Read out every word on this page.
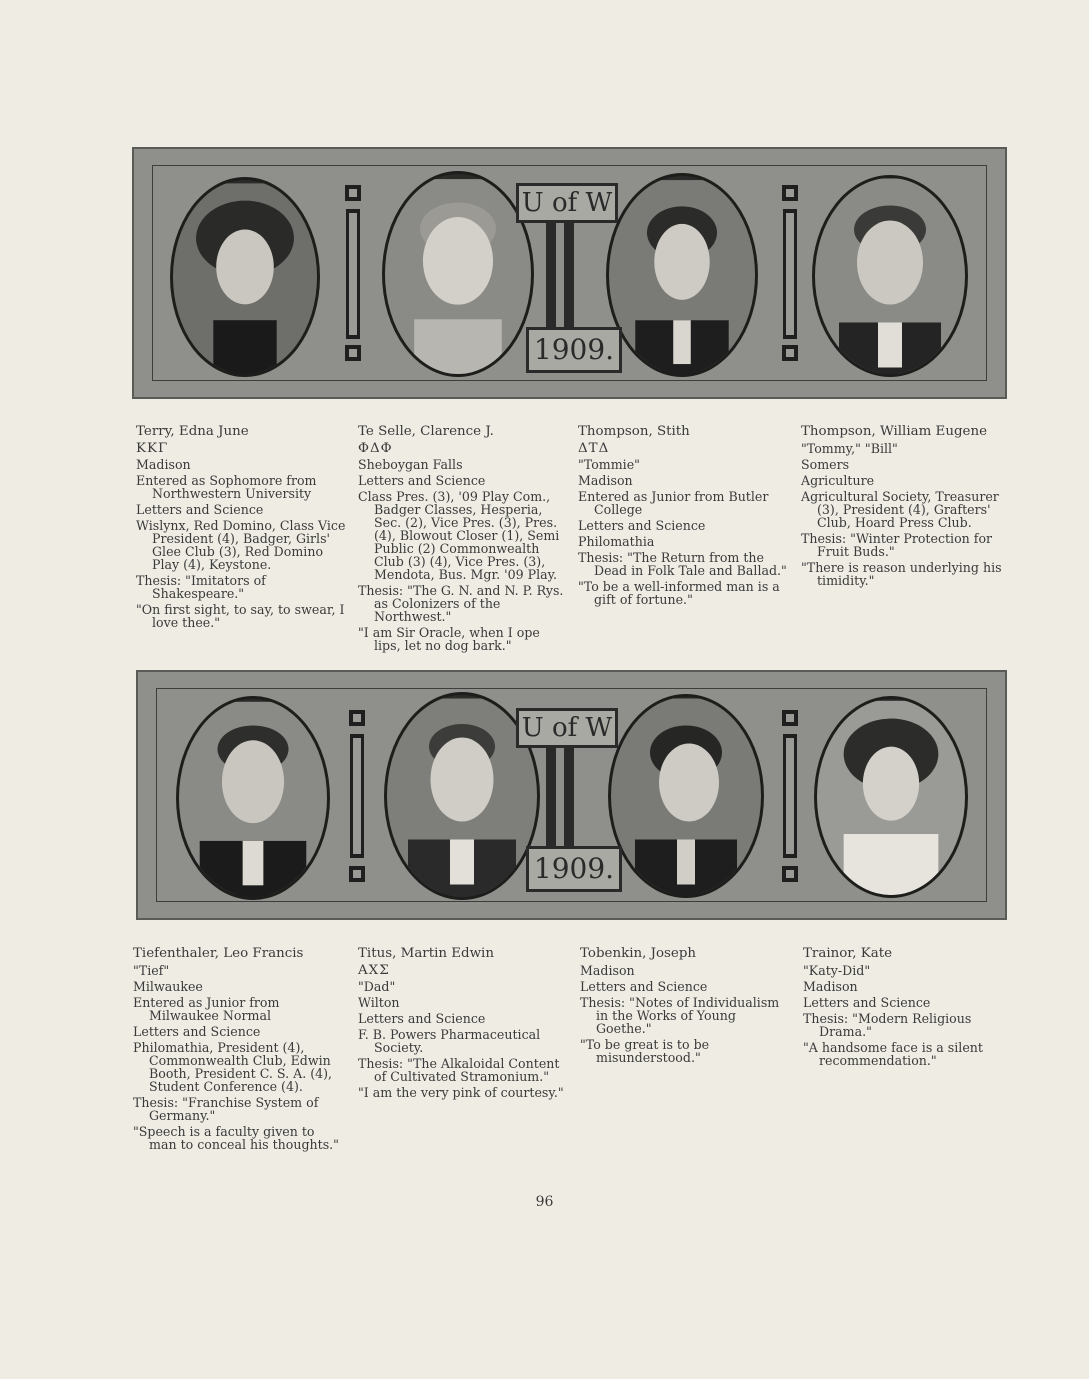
U of W
1909.

Terry, Edna June

ΚΚΓ

Madison

Entered as Sophomore from Northwestern University

Letters and Science

Wislynx, Red Domino, Class Vice President (4), Badger, Girls' Glee Club (3), Red Domino Play (4), Keystone.

Thesis: "Imitators of Shakespeare."

"On first sight, to say, to swear, I love thee."

Te Selle, Clarence J.

ΦΔΦ

Sheboygan Falls

Letters and Science

Class Pres. (3), '09 Play Com., Badger Classes, Hesperia, Sec. (2), Vice Pres. (3), Pres. (4), Blowout Closer (1), Semi Public (2) Commonwealth Club (3) (4), Vice Pres. (3), Mendota, Bus. Mgr. '09 Play.

Thesis: "The G. N. and N. P. Rys. as Colonizers of the Northwest."

"I am Sir Oracle, when I ope lips, let no dog bark."

Thompson, Stith

ΔΤΔ

"Tommie"

Madison

Entered as Junior from Butler College

Letters and Science

Philomathia

Thesis: "The Return from the Dead in Folk Tale and Ballad."

"To be a well-informed man is a gift of fortune."

Thompson, William Eugene

"Tommy," "Bill"

Somers

Agriculture

Agricultural Society, Treasurer (3), President (4), Grafters' Club, Hoard Press Club.

Thesis: "Winter Protection for Fruit Buds."

"There is reason underlying his timidity."

U of W
1909.

Tiefenthaler, Leo Francis

"Tief"

Milwaukee

Entered as Junior from Milwaukee Normal

Letters and Science

Philomathia, President (4), Commonwealth Club, Edwin Booth, President C. S. A. (4), Student Conference (4).

Thesis: "Franchise System of Germany."

"Speech is a faculty given to man to conceal his thoughts."

Titus, Martin Edwin

ΑΧΣ

"Dad"

Wilton

Letters and Science

F. B. Powers Pharmaceutical Society.

Thesis: "The Alkaloidal Content of Cultivated Stramonium."

"I am the very pink of courtesy."

Tobenkin, Joseph

Madison

Letters and Science

Thesis: "Notes of Individualism in the Works of Young Goethe."

"To be great is to be misunderstood."

Trainor, Kate

"Katy-Did"

Madison

Letters and Science

Thesis: "Modern Religious Drama."

"A handsome face is a silent recommendation."

96
